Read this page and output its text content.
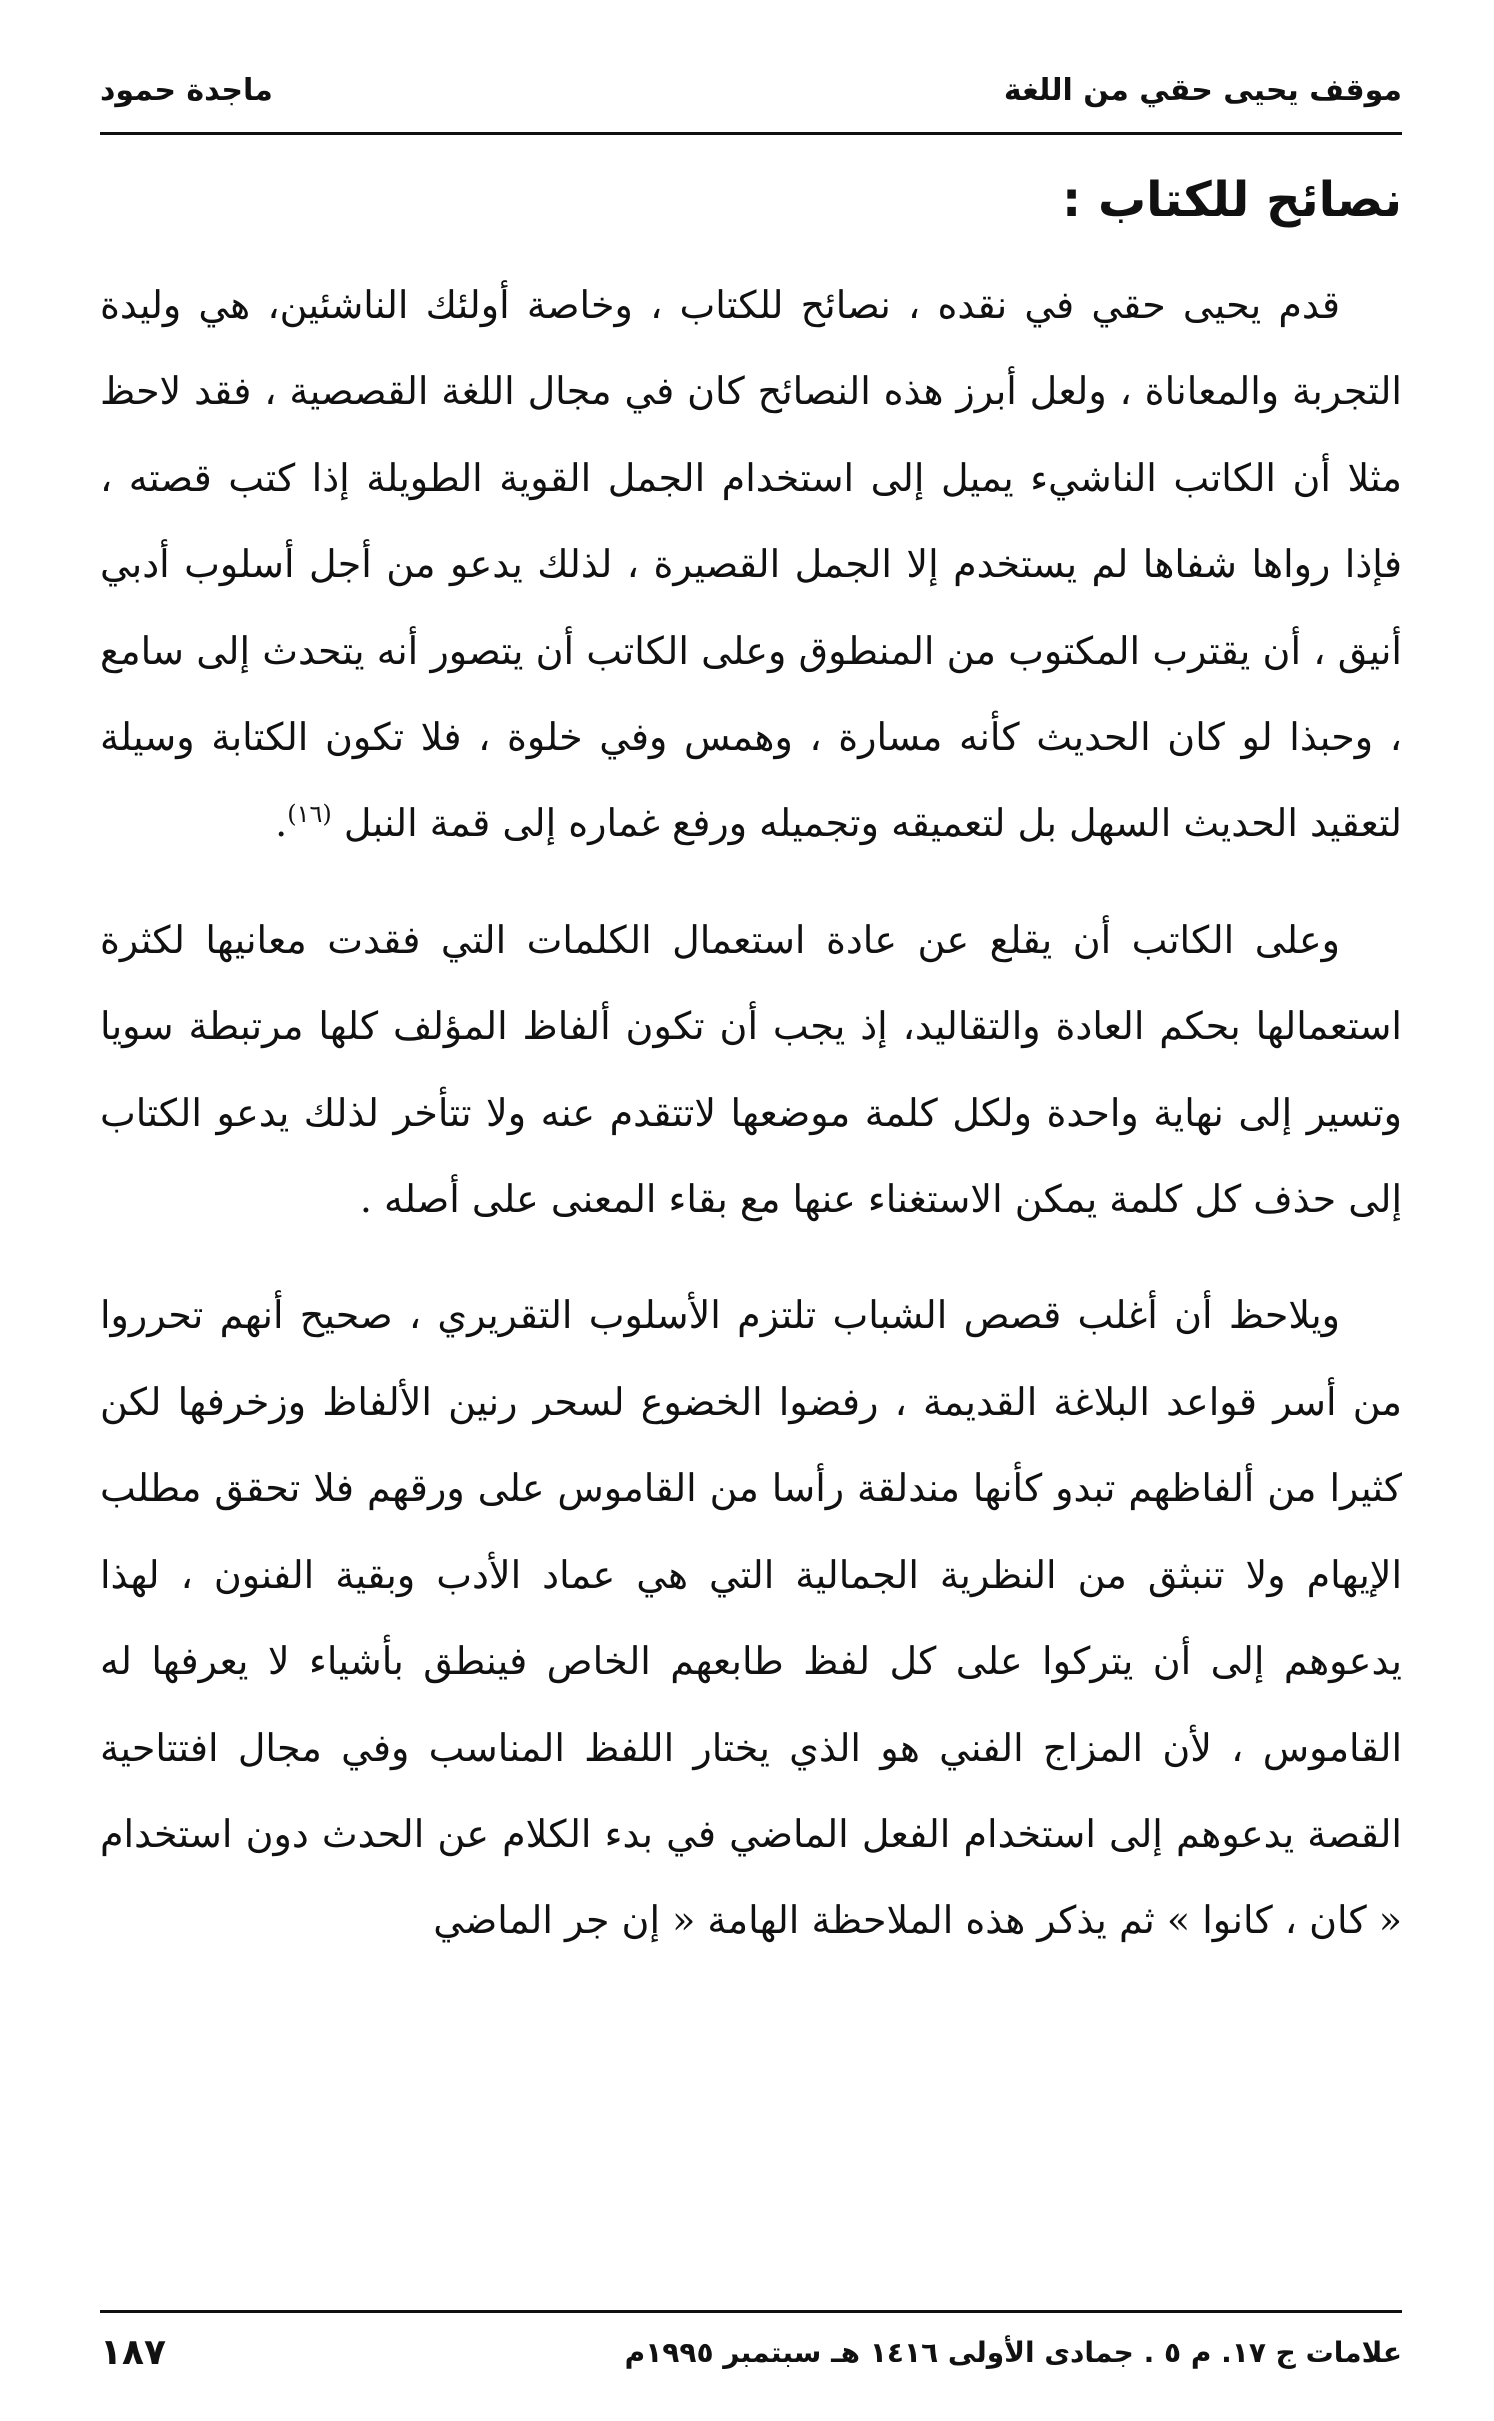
موقف يحيى حقي من اللغة
ماجدة حمود
نصائح للكتاب :

قدم يحيى حقي في نقده ، نصائح للكتاب ، وخاصة أولئك الناشئين، هي وليدة التجربة والمعاناة ، ولعل أبرز هذه النصائح كان في مجال اللغة القصصية ، فقد لاحظ مثلا أن الكاتب الناشيء يميل إلى استخدام الجمل القوية الطويلة إذا كتب قصته ، فإذا رواها شفاها لم يستخدم إلا الجمل القصيرة ، لذلك يدعو من أجل أسلوب أدبي أنيق ، أن يقترب المكتوب من المنطوق وعلى الكاتب أن يتصور أنه يتحدث إلى سامع ، وحبذا لو كان الحديث كأنه مسارة ، وهمس وفي خلوة ، فلا تكون الكتابة وسيلة لتعقيد الحديث السهل بل لتعميقه وتجميله ورفع غماره إلى قمة النبل $^{(١٦)}$.

وعلى الكاتب أن يقلع عن عادة استعمال الكلمات التي فقدت معانيها لكثرة استعمالها بحكم العادة والتقاليد، إذ يجب أن تكون ألفاظ المؤلف كلها مرتبطة سويا وتسير إلى نهاية واحدة ولكل كلمة موضعها لاتتقدم عنه ولا تتأخر لذلك يدعو الكتاب إلى حذف كل كلمة يمكن الاستغناء عنها مع بقاء المعنى على أصله .

ويلاحظ أن أغلب قصص الشباب تلتزم الأسلوب التقريري ، صحيح أنهم تحرروا من أسر قواعد البلاغة القديمة ، رفضوا الخضوع لسحر رنين الألفاظ وزخرفها لكن كثيرا من ألفاظهم تبدو كأنها مندلقة رأسا من القاموس على ورقهم فلا تحقق مطلب الإيهام ولا تنبثق من النظرية الجمالية التي هي عماد الأدب وبقية الفنون ، لهذا يدعوهم إلى أن يتركوا على كل لفظ طابعهم الخاص فينطق بأشياء لا يعرفها له القاموس ، لأن المزاج الفني هو الذي يختار اللفظ المناسب وفي مجال افتتاحية القصة يدعوهم إلى استخدام الفعل الماضي في بدء الكلام عن الحدث دون استخدام « كان ، كانوا » ثم يذكر هذه الملاحظة الهامة « إن جر الماضي

علامات ج ١٧. م ٥ . جمادى الأولى ١٤١٦ هـ سبتمبر ١٩٩٥م
١٨٧
